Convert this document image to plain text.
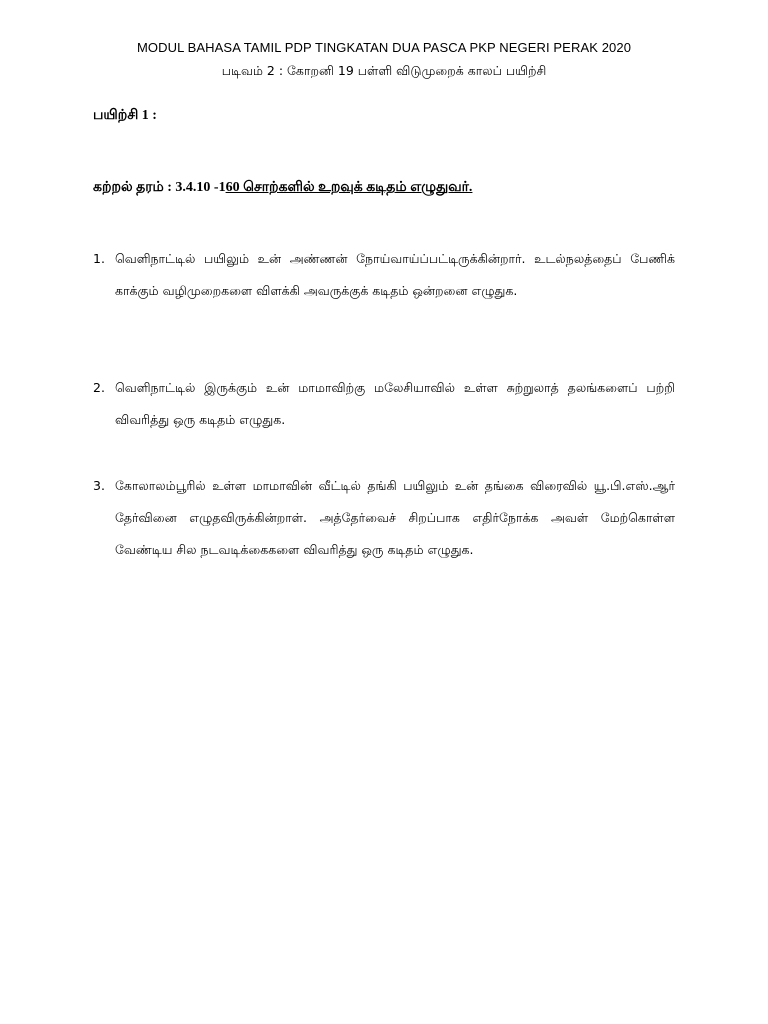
MODUL BAHASA TAMIL PDP TINGKATAN DUA PASCA PKP NEGERI PERAK 2020
படிவம் 2 : கோறனி 19 பள்ளி விடுமுறைக் காலப் பயிற்சி
பயிற்சி 1 :
கற்றல் தரம் : 3.4.10 -160 சொற்களில் உறவுக் கடிதம் எழுதுவர்.
1. வெளிநாட்டில் பயிலும் உன் அண்ணன் நோய்வாய்ப்பட்டிருக்கின்றார். உடல்நலத்தைப் பேணிக் காக்கும் வழிமுறைகளை விளக்கி அவருக்குக் கடிதம் ஒன்றனை எழுதுக.
2. வெளிநாட்டில் இருக்கும் உன் மாமாவிற்கு மலேசியாவில் உள்ள சுற்றுலாத் தலங்களைப் பற்றி விவரித்து ஒரு கடிதம் எழுதுக.
3. கோலாலம்பூரில் உள்ள மாமாவின் வீட்டில் தங்கி பயிலும் உன் தங்கை விரைவில் யூ.பி.எஸ்.ஆர் தேர்வினை எழுதவிருக்கின்றாள். அத்தேர்வைச் சிறப்பாக எதிர்நோக்க அவள் மேற்கொள்ள வேண்டிய சில நடவடிக்கைகளை விவரித்து ஒரு கடிதம் எழுதுக.
